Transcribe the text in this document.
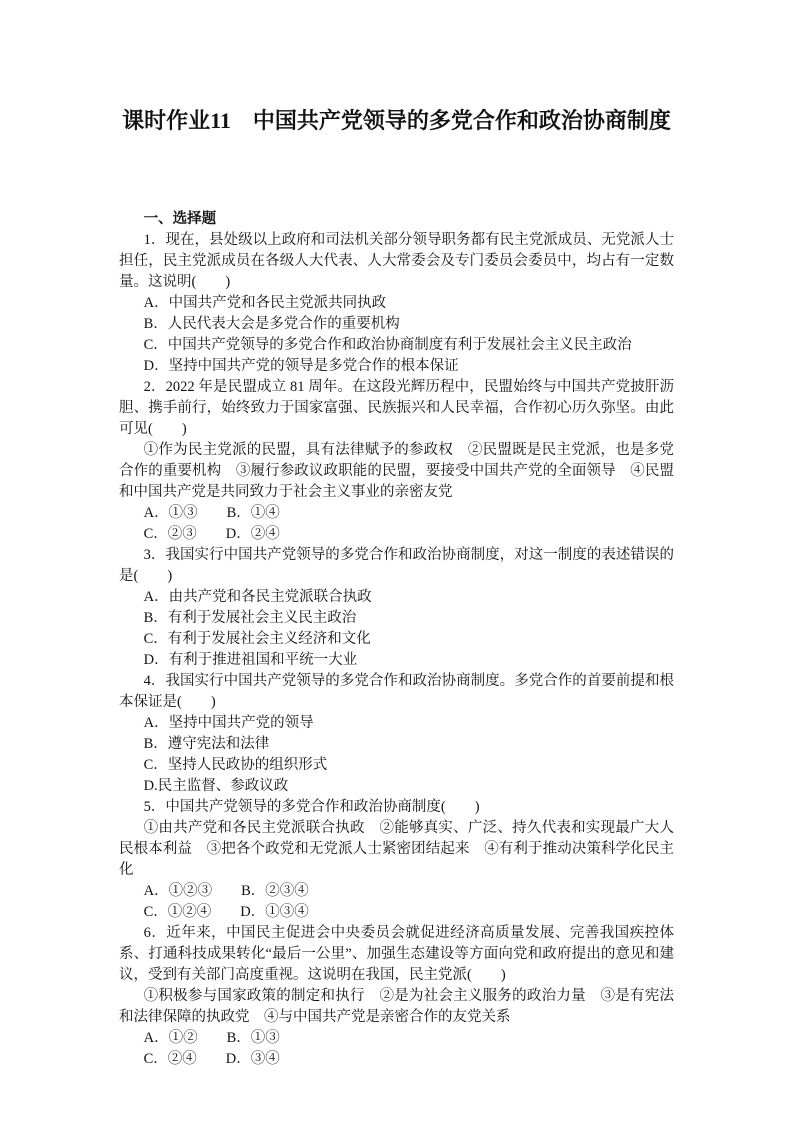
课时作业11　中国共产党领导的多党合作和政治协商制度
一、选择题

1．现在，县处级以上政府和司法机关部分领导职务都有民主党派成员、无党派人士担任，民主党派成员在各级人大代表、人大常委会及专门委员会委员中，均占有一定数量。这说明(　　)

A．中国共产党和各民主党派共同执政

B．人民代表大会是多党合作的重要机构

C．中国共产党领导的多党合作和政治协商制度有利于发展社会主义民主政治

D．坚持中国共产党的领导是多党合作的根本保证

2．2022 年是民盟成立 81 周年。在这段光辉历程中，民盟始终与中国共产党披肝沥胆、携手前行，始终致力于国家富强、民族振兴和人民幸福，合作初心历久弥坚。由此可见(　　)

①作为民主党派的民盟，具有法律赋予的参政权　②民盟既是民主党派，也是多党合作的重要机构　③履行参政议政职能的民盟，要接受中国共产党的全面领导　④民盟和中国共产党是共同致力于社会主义事业的亲密友党

A．①③　　B．①④

C．②③　　D．②④

3．我国实行中国共产党领导的多党合作和政治协商制度，对这一制度的表述错误的是(　　)

A．由共产党和各民主党派联合执政

B．有利于发展社会主义民主政治

C．有利于发展社会主义经济和文化

D．有利于推进祖国和平统一大业

4．我国实行中国共产党领导的多党合作和政治协商制度。多党合作的首要前提和根本保证是(　　)

A．坚持中国共产党的领导

B．遵守宪法和法律

C．坚持人民政协的组织形式

D.民主监督、参政议政

5．中国共产党领导的多党合作和政治协商制度(　　)

①由共产党和各民主党派联合执政　②能够真实、广泛、持久代表和实现最广大人民根本利益　③把各个政党和无党派人士紧密团结起来　④有利于推动决策科学化民主化

A．①②③　　B．②③④

C．①②④　　D．①③④

6．近年来，中国民主促进会中央委员会就促进经济高质量发展、完善我国疾控体系、打通科技成果转化“最后一公里”、加强生态建设等方面向党和政府提出的意见和建议，受到有关部门高度重视。这说明在我国，民主党派(　　)

①积极参与国家政策的制定和执行　②是为社会主义服务的政治力量　③是有宪法和法律保障的执政党　④与中国共产党是亲密合作的友党关系

A．①②　　B．①③

C．②④　　D．③④
